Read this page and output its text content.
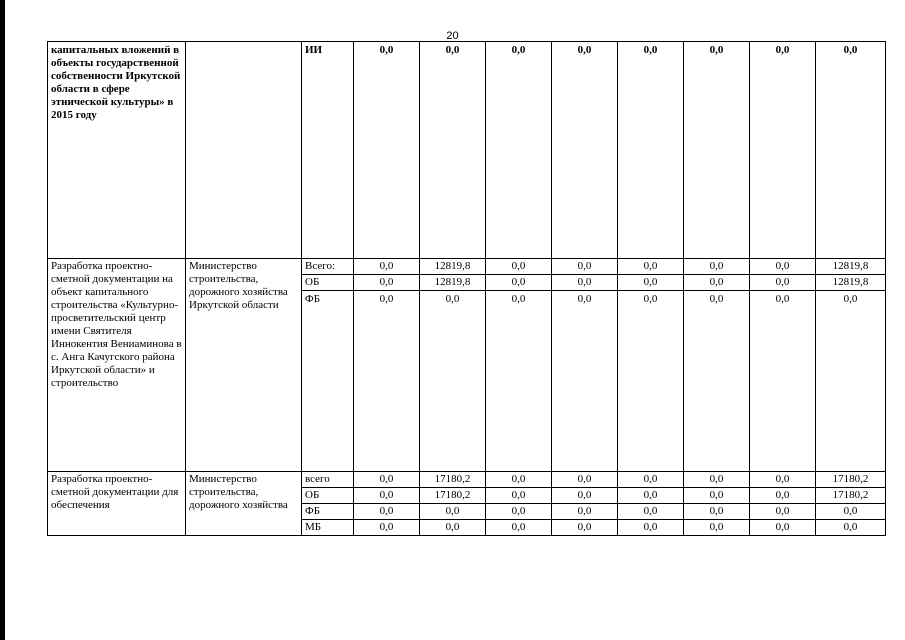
20
капитальных вложений в объекты государственной собственности Иркутской области в сфере этнической культуры» в 2015 году		ИИ	0,0	0,0	0,0	0,0	0,0	0,0	0,0	0,0
Разработка проектно-сметной документации на объект капитального строительства «Культурно-просветительский центр имени Святителя Иннокентия Вениаминова в с. Анга Качугского района Иркутской области» и строительство	Министерство строительства, дорожного хозяйства Иркутской области	Всего:	0,0	12819,8	0,0	0,0	0,0	0,0	0,0	12819,8
		ОБ	0,0	12819,8	0,0	0,0	0,0	0,0	0,0	12819,8
		ФБ	0,0	0,0	0,0	0,0	0,0	0,0	0,0	0,0
Разработка проектно-сметной документации для обеспечения	Министерство строительства, дорожного хозяйства	всего	0,0	17180,2	0,0	0,0	0,0	0,0	0,0	17180,2
		ОБ	0,0	17180,2	0,0	0,0	0,0	0,0	0,0	17180,2
		ФБ	0,0	0,0	0,0	0,0	0,0	0,0	0,0	0,0
		МБ	0,0	0,0	0,0	0,0	0,0	0,0	0,0	0,0
